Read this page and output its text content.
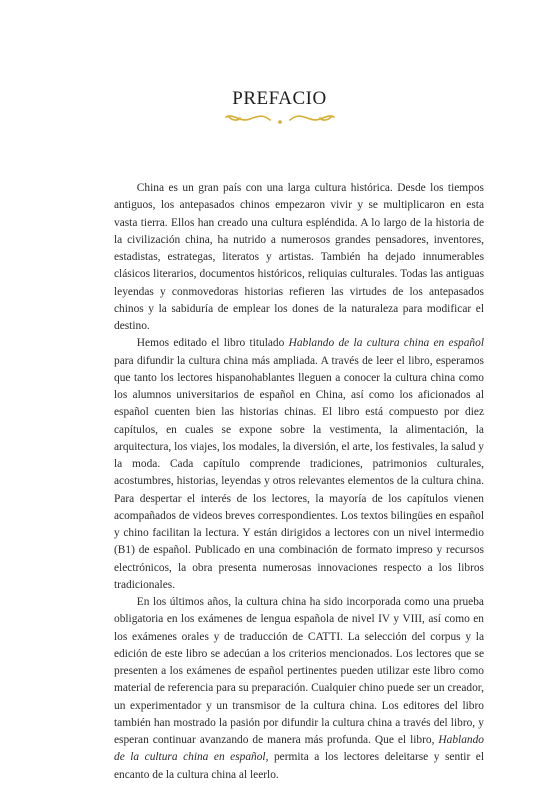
PREFACIO

China es un gran país con una larga cultura histórica. Desde los tiempos antiguos, los antepasados chinos empezaron vivir y se multiplicaron en esta vasta tierra. Ellos han creado una cultura espléndida. A lo largo de la historia de la civilización china, ha nutrido a numerosos grandes pensadores, inventores, estadistas, estrategas, literatos y artistas. También ha dejado innumerables clásicos literarios, documentos históricos, reliquias culturales. Todas las antiguas leyendas y conmovedoras historias refieren las virtudes de los antepasados chinos y la sabiduría de emplear los dones de la naturaleza para modificar el destino.

Hemos editado el libro titulado Hablando de la cultura china en español para difundir la cultura china más ampliada. A través de leer el libro, esperamos que tanto los lectores hispanohablantes lleguen a conocer la cultura china como los alumnos universitarios de español en China, así como los aficionados al español cuenten bien las historias chinas. El libro está compuesto por diez capítulos, en cuales se expone sobre la vestimenta, la alimentación, la arquitectura, los viajes, los modales, la diversión, el arte, los festivales, la salud y la moda. Cada capítulo comprende tradiciones, patrimonios culturales, acostumbres, historias, leyendas y otros relevantes elementos de la cultura china. Para despertar el interés de los lectores, la mayoría de los capítulos vienen acompañados de videos breves correspondientes. Los textos bilingües en español y chino facilitan la lectura. Y están dirigidos a lectores con un nivel intermedio (B1) de español. Publicado en una combinación de formato impreso y recursos electrónicos, la obra presenta numerosas innovaciones respecto a los libros tradicionales.

En los últimos años, la cultura china ha sido incorporada como una prueba obligatoria en los exámenes de lengua española de nivel IV y VIII, así como en los exámenes orales y de traducción de CATTI. La selección del corpus y la edición de este libro se adecúan a los criterios mencionados. Los lectores que se presenten a los exámenes de español pertinentes pueden utilizar este libro como material de referencia para su preparación. Cualquier chino puede ser un creador, un experimentador y un transmisor de la cultura china. Los editores del libro también han mostrado la pasión por difundir la cultura china a través del libro, y esperan continuar avanzando de manera más profunda. Que el libro, Hablando de la cultura china en español, permita a los lectores deleitarse y sentir el encanto de la cultura china al leerlo.
